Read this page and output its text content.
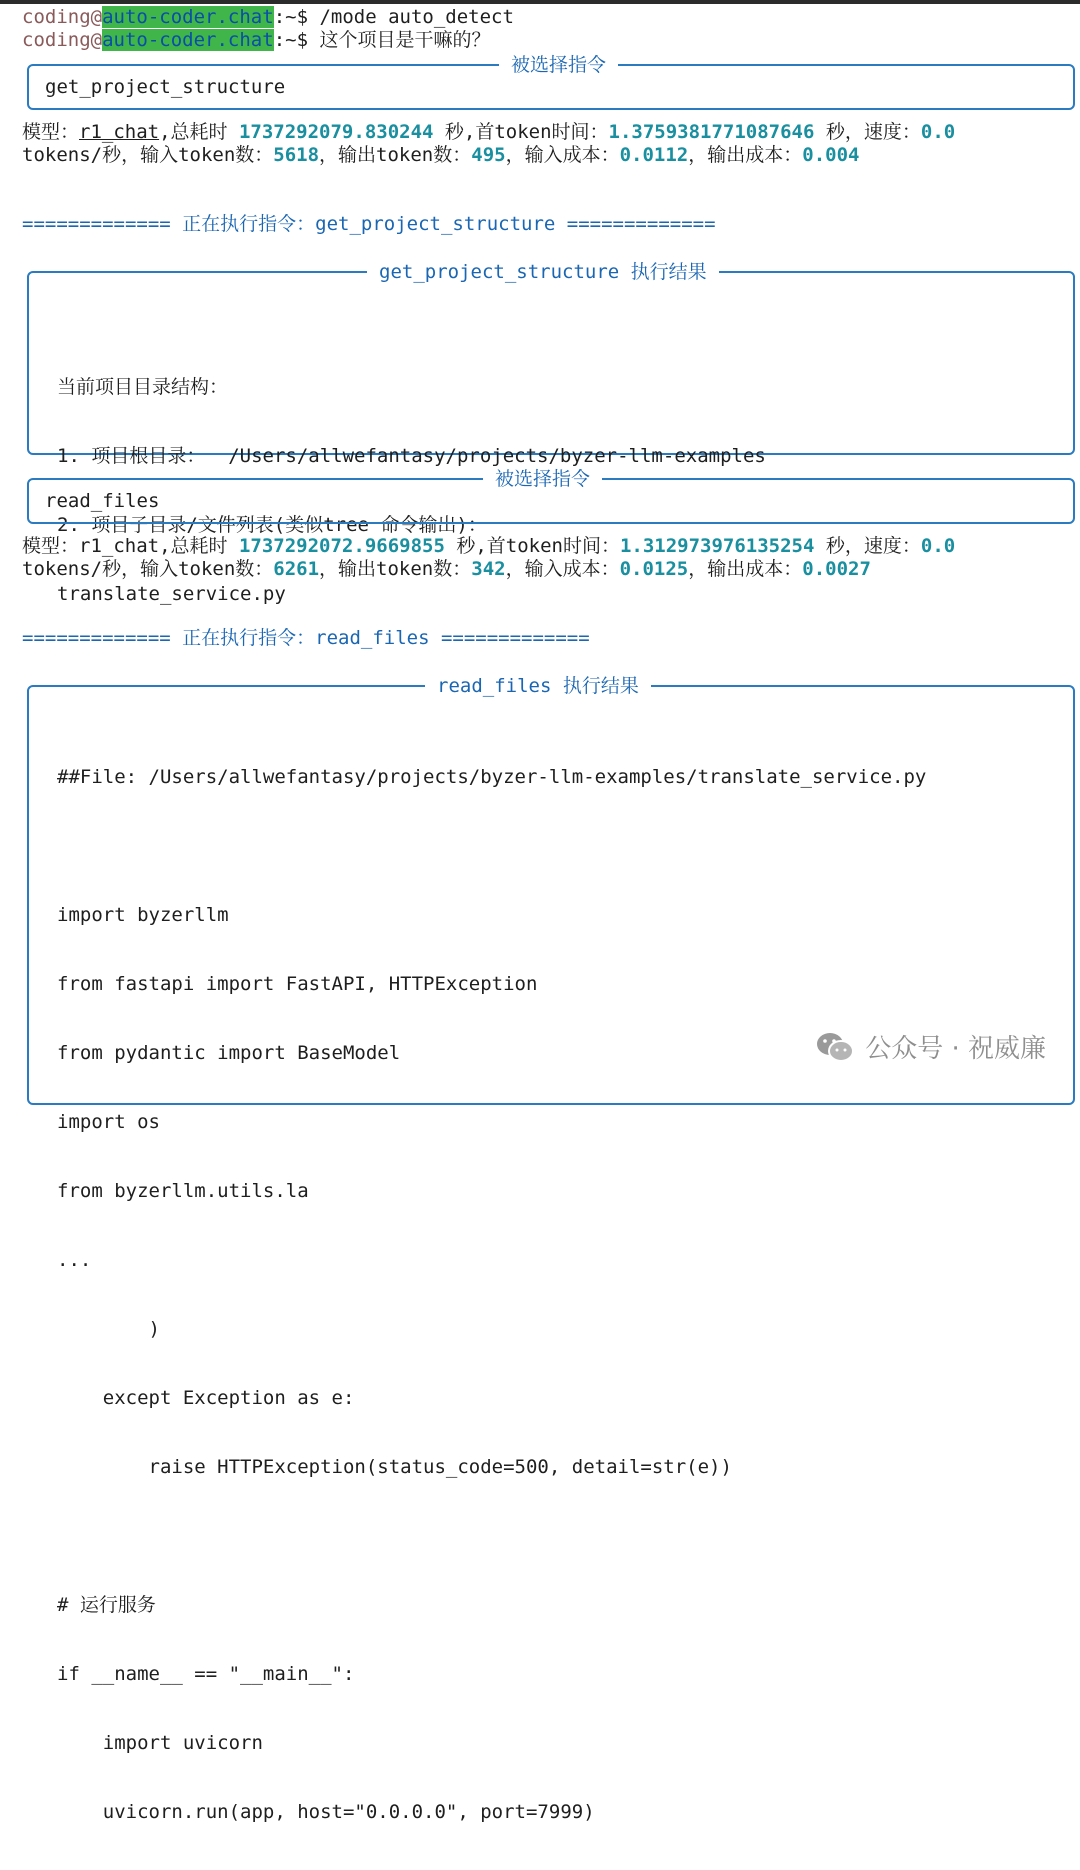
coding@auto-coder.chat:~$ /mode auto_detect
coding@auto-coder.chat:~$ 这个项目是干嘛的？
被选择指令
get_project_structure
模型：r1_chat,总耗时 1737292079.830244 秒,首token时间：1.3759381771087646 秒，速度：0.0
tokens/秒，输入token数：5618，输出token数：495，输入成本：0.0112，输出成本：0.004
============= 正在执行指令：get_project_structure =============
get_project_structure 执行结果

当前项目目录结构：

1. 项目根目录：  /Users/allwefantasy/projects/byzer-llm-examples

2. 项目子目录/文件列表(类似tree 命令输出)：

translate_service.py

被选择指令
read_files
模型：r1_chat,总耗时 1737292072.9669855 秒,首token时间：1.312973976135254 秒，速度：0.0
tokens/秒，输入token数：6261，输出token数：342，输入成本：0.0125，输出成本：0.0027
============= 正在执行指令：read_files =============
read_files 执行结果

##File: /Users/allwefantasy/projects/byzer-llm-examples/translate_service.py

import byzerllm

from fastapi import FastAPI, HTTPException

from pydantic import BaseModel

import os

from byzerllm.utils.la

...

)

except Exception as e:

raise HTTPException(status_code=500, detail=str(e))

# 运行服务

if __name__ == "__main__":

import uvicorn

uvicorn.run(app, host="0.0.0.0", port=7999)

公众号 · 祝威廉
